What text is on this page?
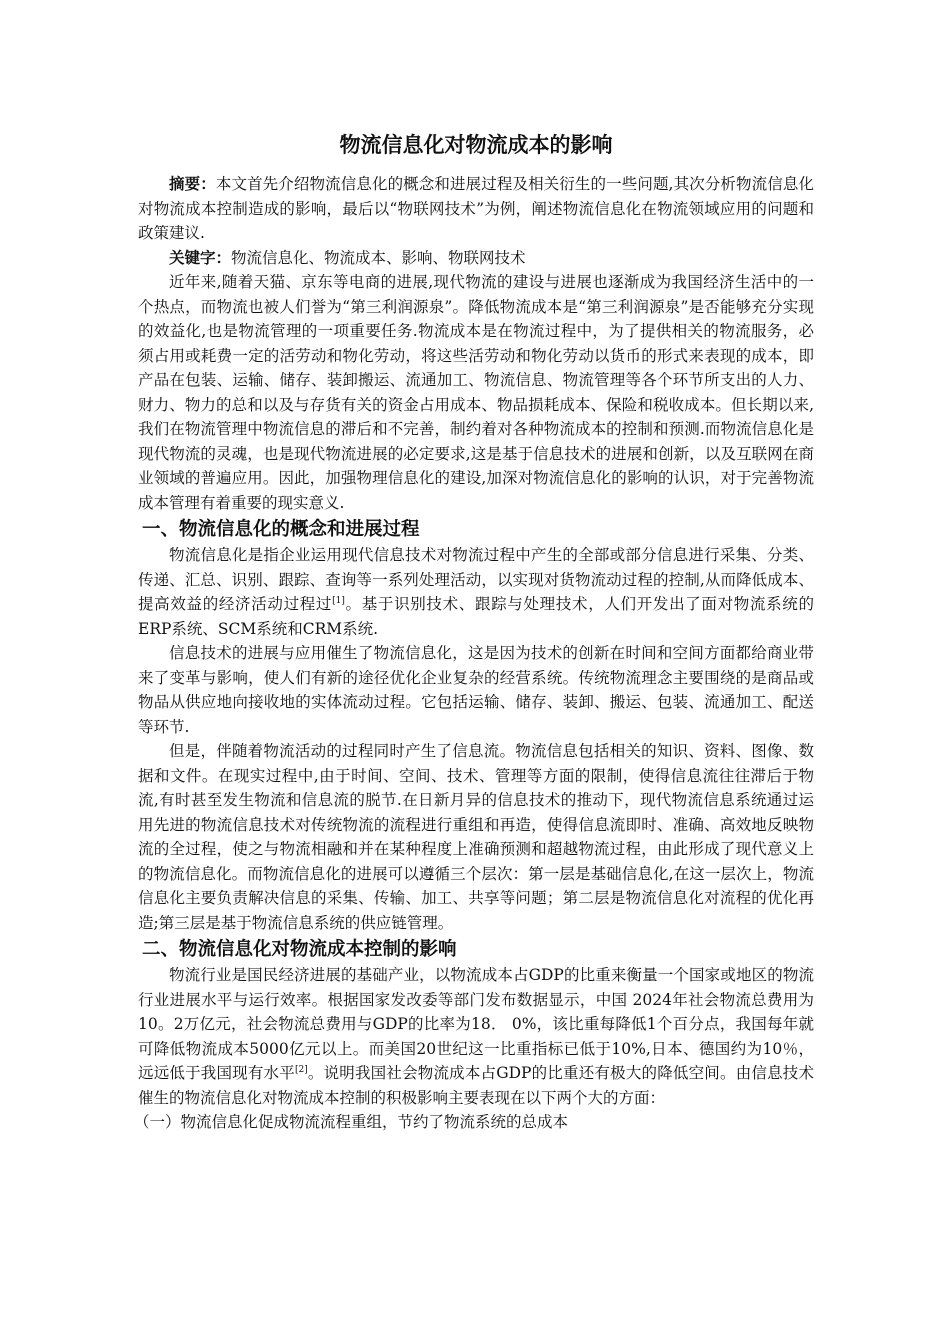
物流信息化对物流成本的影响

摘要：本文首先介绍物流信息化的概念和进展过程及相关衍生的一些问题,其次分析物流信息化对物流成本控制造成的影响，最后以“物联网技术”为例，阐述物流信息化在物流领域应用的问题和政策建议.

关键字：物流信息化、物流成本、影响、物联网技术

近年来,随着天猫、京东等电商的进展,现代物流的建设与进展也逐渐成为我国经济生活中的一个热点，而物流也被人们誉为“第三利润源泉”。降低物流成本是“第三利润源泉”是否能够充分实现的效益化,也是物流管理的一项重要任务.物流成本是在物流过程中，为了提供相关的物流服务，必须占用或耗费一定的活劳动和物化劳动，将这些活劳动和物化劳动以货币的形式来表现的成本，即产品在包装、运输、储存、装卸搬运、流通加工、物流信息、物流管理等各个环节所支出的人力、财力、物力的总和以及与存货有关的资金占用成本、物品损耗成本、保险和税收成本。但长期以来,我们在物流管理中物流信息的滞后和不完善，制约着对各种物流成本的控制和预测.而物流信息化是现代物流的灵魂，也是现代物流进展的必定要求,这是基于信息技术的进展和创新，以及互联网在商业领域的普遍应用。因此，加强物理信息化的建设,加深对物流信息化的影响的认识，对于完善物流成本管理有着重要的现实意义.

一、物流信息化的概念和进展过程

物流信息化是指企业运用现代信息技术对物流过程中产生的全部或部分信息进行采集、分类、传递、汇总、识别、跟踪、查询等一系列处理活动，以实现对货物流动过程的控制,从而降低成本、提高效益的经济活动过程过[1]。基于识别技术、跟踪与处理技术，人们开发出了面对物流系统的ERP系统、SCM系统和CRM系统.

信息技术的进展与应用催生了物流信息化，这是因为技术的创新在时间和空间方面都给商业带来了变革与影响，使人们有新的途径优化企业复杂的经营系统。传统物流理念主要围绕的是商品或物品从供应地向接收地的实体流动过程。它包括运输、储存、装卸、搬运、包装、流通加工、配送等环节.

但是，伴随着物流活动的过程同时产生了信息流。物流信息包括相关的知识、资料、图像、数据和文件。在现实过程中,由于时间、空间、技术、管理等方面的限制，使得信息流往往滞后于物流,有时甚至发生物流和信息流的脱节.在日新月异的信息技术的推动下，现代物流信息系统通过运用先进的物流信息技术对传统物流的流程进行重组和再造，使得信息流即时、准确、高效地反映物流的全过程，使之与物流相融和并在某种程度上准确预测和超越物流过程，由此形成了现代意义上的物流信息化。而物流信息化的进展可以遵循三个层次：第一层是基础信息化,在这一层次上，物流信息化主要负责解决信息的采集、传输、加工、共享等问题；第二层是物流信息化对流程的优化再造;第三层是基于物流信息系统的供应链管理。

二、物流信息化对物流成本控制的影响

物流行业是国民经济进展的基础产业，以物流成本占GDP的比重来衡量一个国家或地区的物流行业进展水平与运行效率。根据国家发改委等部门发布数据显示，中国 2024年社会物流总费用为10。2万亿元，社会物流总费用与GDP的比率为18． 0%，该比重每降低1个百分点，我国每年就可降低物流成本5000亿元以上。而美国20世纪这一比重指标已低于10%,日本、德国约为10％，远远低于我国现有水平[2]。说明我国社会物流成本占GDP的比重还有极大的降低空间。由信息技术催生的物流信息化对物流成本控制的积极影响主要表现在以下两个大的方面：

（一）物流信息化促成物流流程重组，节约了物流系统的总成本
